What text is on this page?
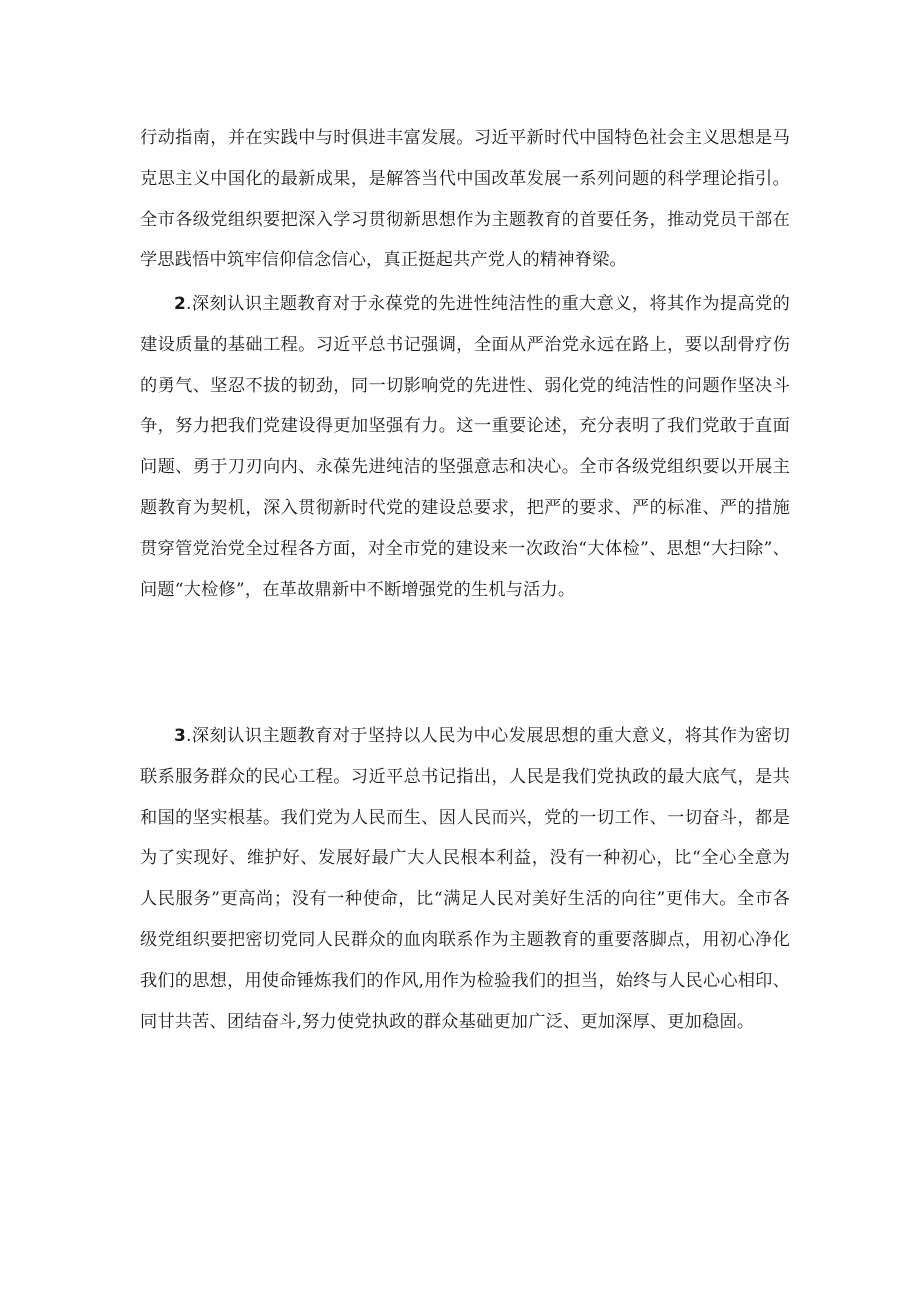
行动指南，并在实践中与时俱进丰富发展。习近平新时代中国特色社会主义思想是马克思主义中国化的最新成果，是解答当代中国改革发展一系列问题的科学理论指引。全市各级党组织要把深入学习贯彻新思想作为主题教育的首要任务，推动党员干部在学思践悟中筑牢信仰信念信心，真正挺起共产党人的精神脊梁。

2.深刻认识主题教育对于永葆党的先进性纯洁性的重大意义，将其作为提高党的建设质量的基础工程。习近平总书记强调，全面从严治党永远在路上，要以刮骨疗伤的勇气、坚忍不拔的韧劲，同一切影响党的先进性、弱化党的纯洁性的问题作坚决斗争，努力把我们党建设得更加坚强有力。这一重要论述，充分表明了我们党敢于直面问题、勇于刀刃向内、永葆先进纯洁的坚强意志和决心。全市各级党组织要以开展主题教育为契机，深入贯彻新时代党的建设总要求，把严的要求、严的标准、严的措施贯穿管党治党全过程各方面，对全市党的建设来一次政治“大体检”、思想“大扫除”、问题“大检修”，在革故鼎新中不断增强党的生机与活力。

3.深刻认识主题教育对于坚持以人民为中心发展思想的重大意义，将其作为密切联系服务群众的民心工程。习近平总书记指出，人民是我们党执政的最大底气，是共和国的坚实根基。我们党为人民而生、因人民而兴，党的一切工作、一切奋斗，都是为了实现好、维护好、发展好最广大人民根本利益，没有一种初心，比“全心全意为人民服务”更高尚；没有一种使命，比“满足人民对美好生活的向往”更伟大。全市各级党组织要把密切党同人民群众的血肉联系作为主题教育的重要落脚点，用初心净化我们的思想，用使命锤炼我们的作风,用作为检验我们的担当，始终与人民心心相印、同甘共苦、团结奋斗,努力使党执政的群众基础更加广泛、更加深厚、更加稳固。
